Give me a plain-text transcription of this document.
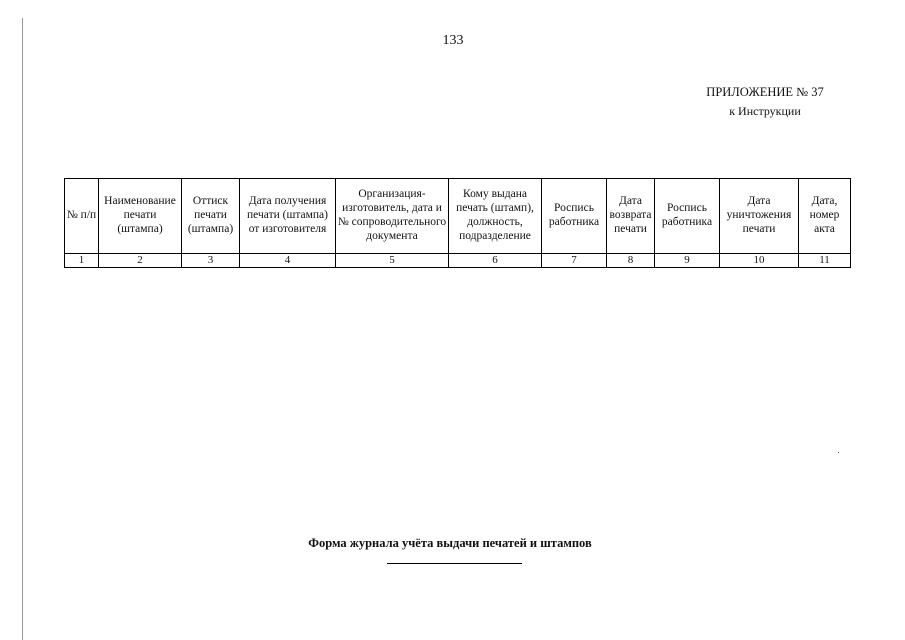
133
ПРИЛОЖЕНИЕ № 37
к Инструкции
№ п/п	Наименование печати (штампа)	Оттиск печати (штампа)	Дата получения печати (штампа) от изготовителя	Организация-изготовитель, дата и № сопроводительного документа	Кому выдана печать (штамп), должность, подразделение	Роспись работника	Дата возврата печати	Роспись работника	Дата уничтожения печати	Дата, номер акта
1	2	3	4	5	6	7	8	9	10	11
Форма журнала учёта выдачи печатей и штампов
